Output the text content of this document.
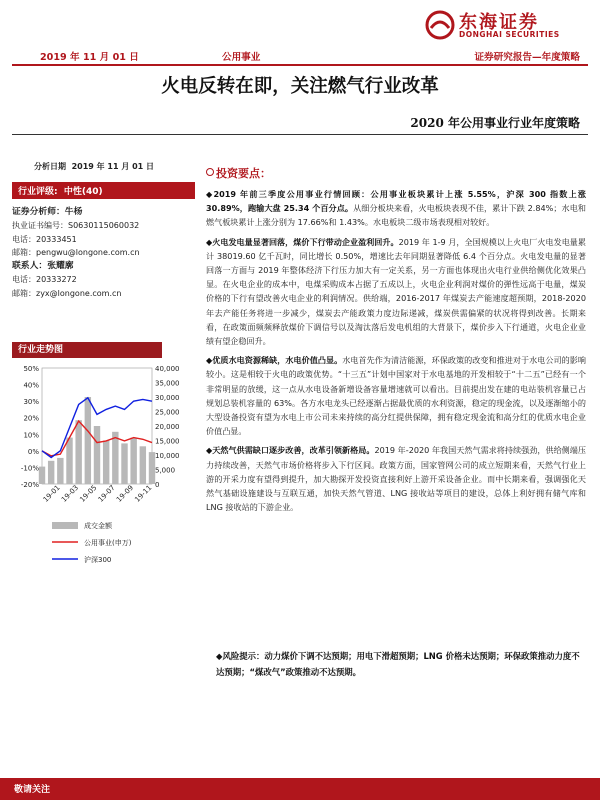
东海证券
DONGHAI SECURITIES
2019 年 11 月 01 日	公用事业	证券研究报告—年度策略
火电反转在即，关注燃气行业改革
2020 年公用事业行业年度策略
分析日期 2019 年 11 月 01 日
行业评级: 中性(40)
证券分析师：牛杨
执业证书编号：S0630115060032
电话：20333451
邮箱：pengwu@longone.com.cn
联系人：张耀廓
电话：20333272
邮箱：zyx@longone.com.cn
行业走势图
50%
40%
30%
20%
10%
0%
-10%
-20%
40,000
35,000
30,000
25,000
20,000
15,000
10,000
5,000
0
19-01
19-03
19-05
19-07
19-09
19-11
成交金额
公用事业(申万)
沪深300
投资要点：
◆2019 年前三季度公用事业行情回顾：公用事业板块累计上涨 5.55%，沪深 300 指数上涨 30.89%，跑输大盘 25.34 个百分点。从细分板块来看，火电板块表现不佳，累计下跌 2.84%；水电和燃气板块累计上涨分别为 17.66%和 1.43%。水电板块二级市场表现相对较好。
◆火电发电量显著回落，煤价下行带动企业盈利回升。2019 年 1-9 月，全国规模以上火电厂火电发电量累计 38019.60 亿千瓦时，同比增长 0.50%，增速比去年同期显著降低 6.4 个百分点。火电发电量的显著回落一方面与 2019 年整体经济下行压力加大有一定关系，另一方面也体现出火电行业供给侧优化效果凸显。在火电企业的成本中，电煤采购成本占据了五成以上，火电企业利润对煤价的弹性远高于电量，煤炭价格的下行有望改善火电企业的利润情况。供给端，2016-2017 年煤炭去产能速度超预期，2018-2020 年去产能任务将进一步减少，煤炭去产能政策力度边际递减，煤炭供需偏紧的状况将得到改善。长期来看，在政策面频频释放煤价下调信号以及淘汰落后发电机组的大背景下，煤价步入下行通道，火电企业业绩有望企稳回升。
◆优质水电资源稀缺，水电价值凸显。水电首先作为清洁能源，环保政策的改变和推进对于水电公司的影响较小。这是相较于火电的政策优势。“十三五”计划中国家对于水电基地的开发相较于“十二五”已经有一个非常明显的放缓，这一点从水电设备新增设备容量增速就可以看出。目前提出发在建的电站装机容量已占规划总装机容量的 63%。各方水电龙头已经逐渐占据最优质的水利资源，稳定的现金流，以及逐渐缩小的大型设备投资有望为水电上市公司未来持续的高分红提供保障，拥有稳定现金流和高分红的优质水电企业价值凸显。
◆天然气供需缺口逐步改善，改革引领新格局。2019 年-2020 年我国天然气需求将持续强劲，供给侧端压力持续改善，天然气市场价格将步入下行区间。政策方面，国家管网公司的成立短期来看，天然气行业上游的开采力度有望得到提升，加大勘探开发投资直接利好上游开采设备企业。而中长期来看，强调强化天然气基础设施建设与互联互通，加快天然气管道、LNG 接收站等项目的建设，总体上利好拥有储气库和 LNG 接收站的下游企业。
◆风险提示：动力煤价下调不达预期；用电下滑超预期；LNG 价格未达预期；环保政策推动力度不达预期；“煤改气”政策推动不达预期。
敬请关注
